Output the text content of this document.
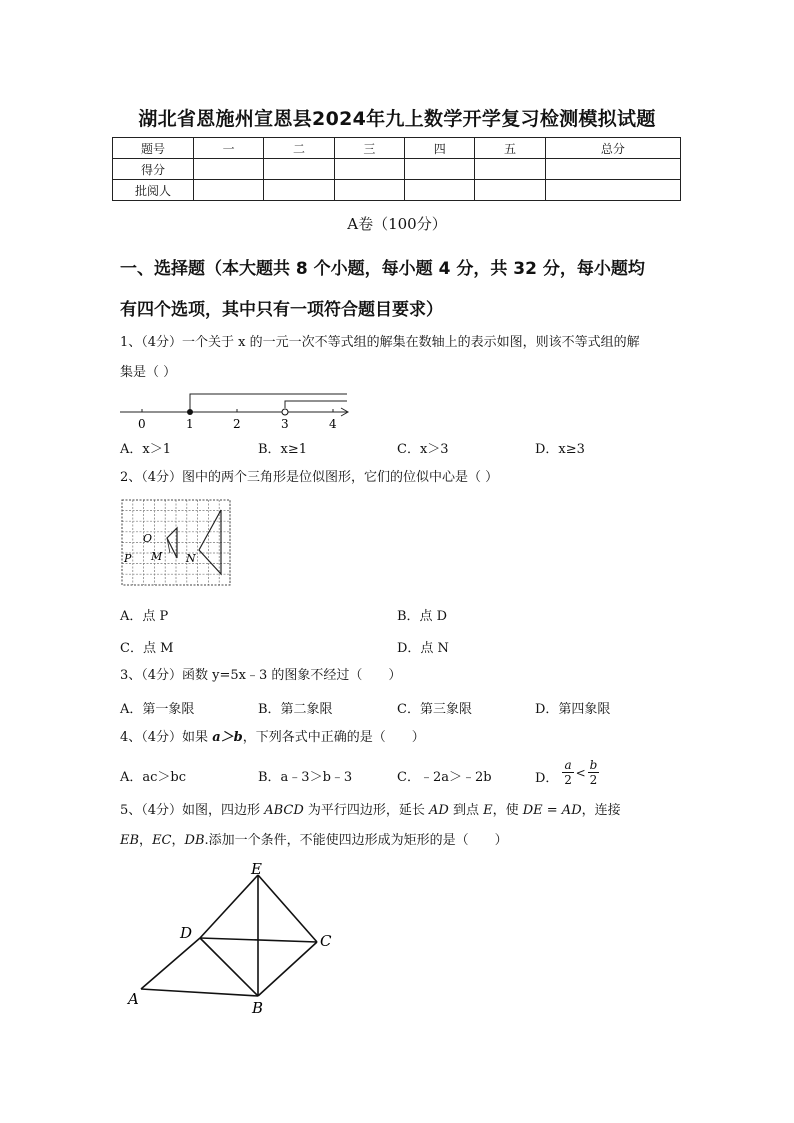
湖北省恩施州宣恩县2024年九上数学开学复习检测模拟试题
题号	一	二	三	四	五	总分
得分						
批阅人						
A卷（100分）
一、选择题（本大题共 8 个小题，每小题 4 分，共 32 分，每小题均
有四个选项，其中只有一项符合题目要求）
1、（4分）一个关于 x 的一元一次不等式组的解集在数轴上的表示如图，则该不等式组的解
集是（ ）
0	1	2	3	4
A．x＞1	B．x≥1	C．x＞3	D．x≥3
2、（4分）图中的两个三角形是位似图形，它们的位似中心是（ ）
O
P M N
A．点 P	B．点 D
C．点 M	D．点 N
3、（4分）函数 y=5x﹣3 的图象不经过（　　）
A．第一象限	B．第二象限	C．第三象限	D．第四象限
4、（4分）如果 a＞b，下列各式中正确的是（　　）
A．ac＞bc	B．a﹣3＞b﹣3	C．﹣2a＞﹣2b	D． $\frac{a}{2} < \frac{b}{2}$
5、（4分）如图，四边形 ABCD 为平行四边形，延长 AD 到点 E，使 DE = AD，连接
EB，EC，DB.添加一个条件，不能使四边形成为矩形的是（　　）
E
D	C
A	B
